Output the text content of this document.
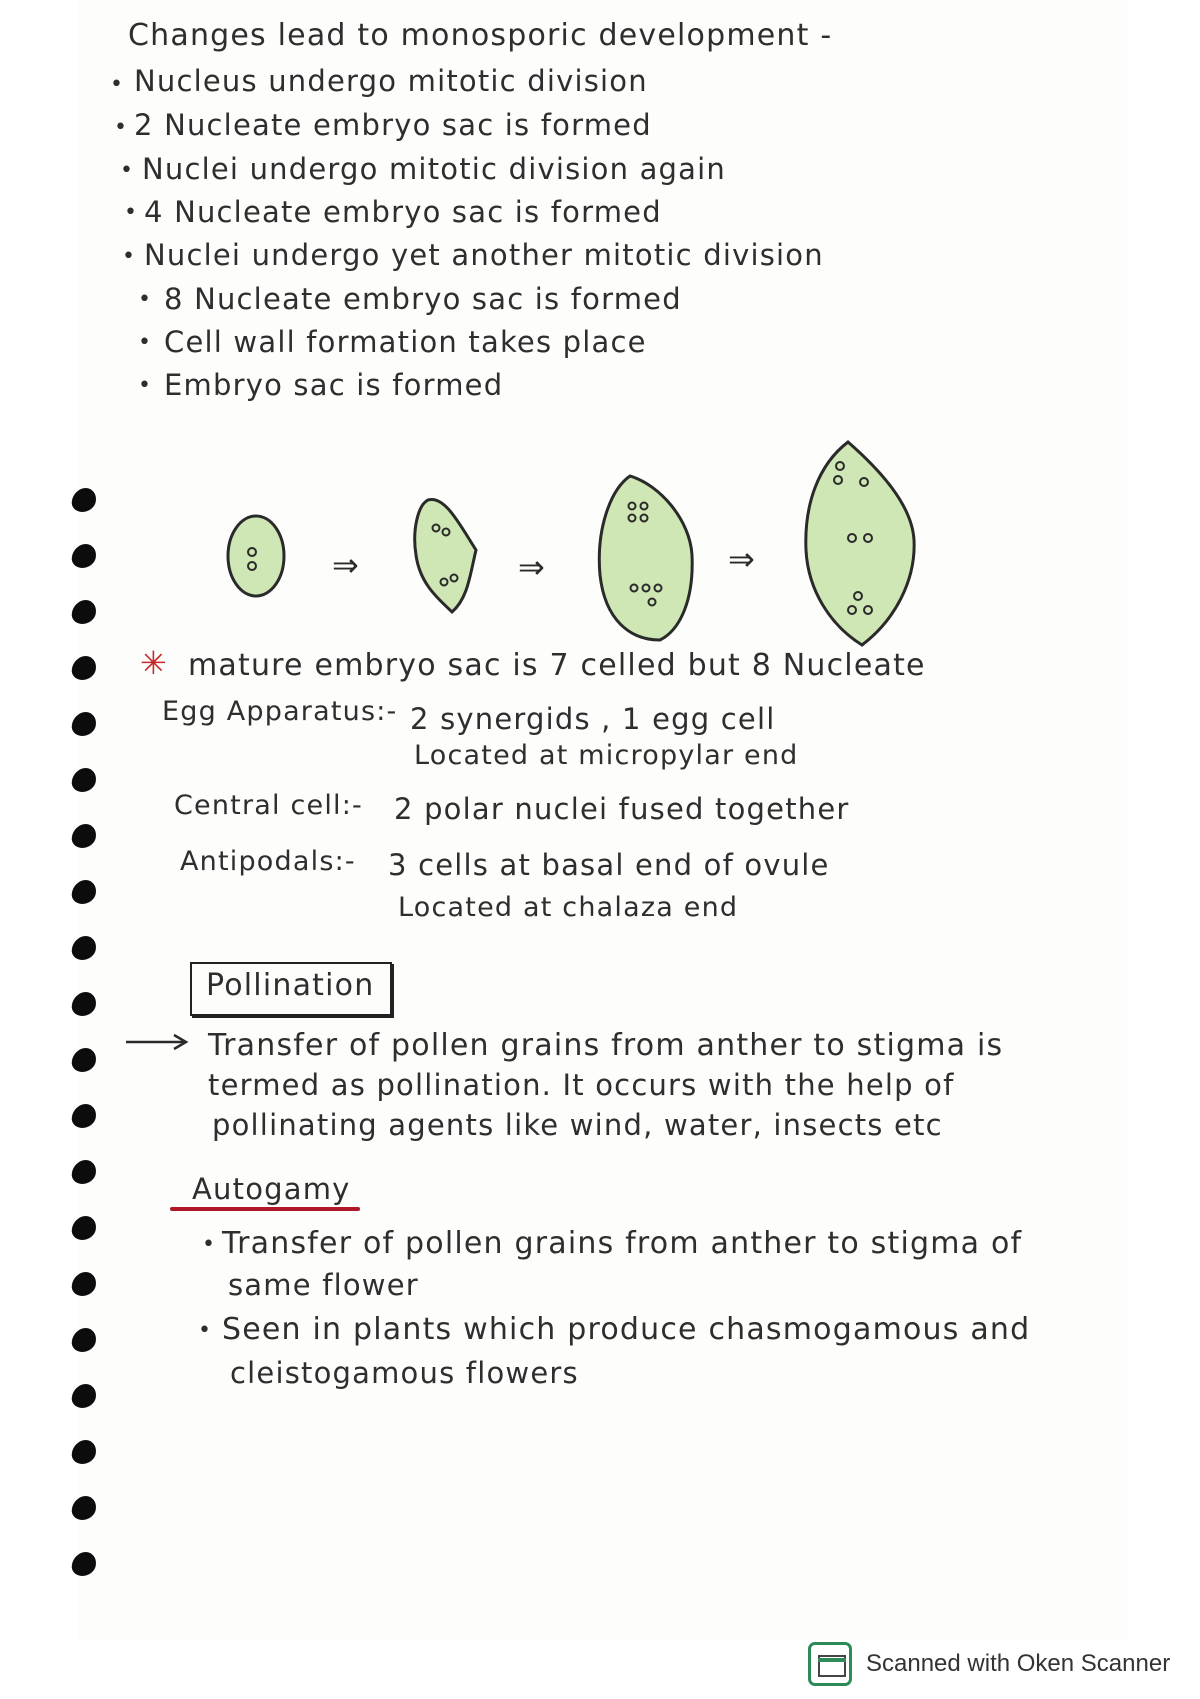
Changes lead to monosporic development -
• Nucleus undergo mitotic division
• 2 Nucleate embryo sac is formed
• Nuclei undergo mitotic division again
• 4 Nucleate embryo sac is formed
• Nuclei undergo yet another mitotic division
• 8 Nucleate embryo sac is formed
• Cell wall formation takes place
• Embryo sac is formed
⇒	⇒	⇒
✳ mature embryo sac is 7 celled but 8 Nucleate
Egg Apparatus:- 2 synergids , 1 egg cell
Located at micropylar end
Central cell:- 2 polar nuclei fused together
Antipodals:- 3 cells at basal end of ovule
Located at chalaza end
Pollination
Transfer of pollen grains from anther to stigma is
termed as pollination. It occurs with the help of
pollinating agents like wind, water, insects etc
Autogamy
• Transfer of pollen grains from anther to stigma of
same flower
• Seen in plants which produce chasmogamous and
cleistogamous flowers
Scanned with Oken Scanner
